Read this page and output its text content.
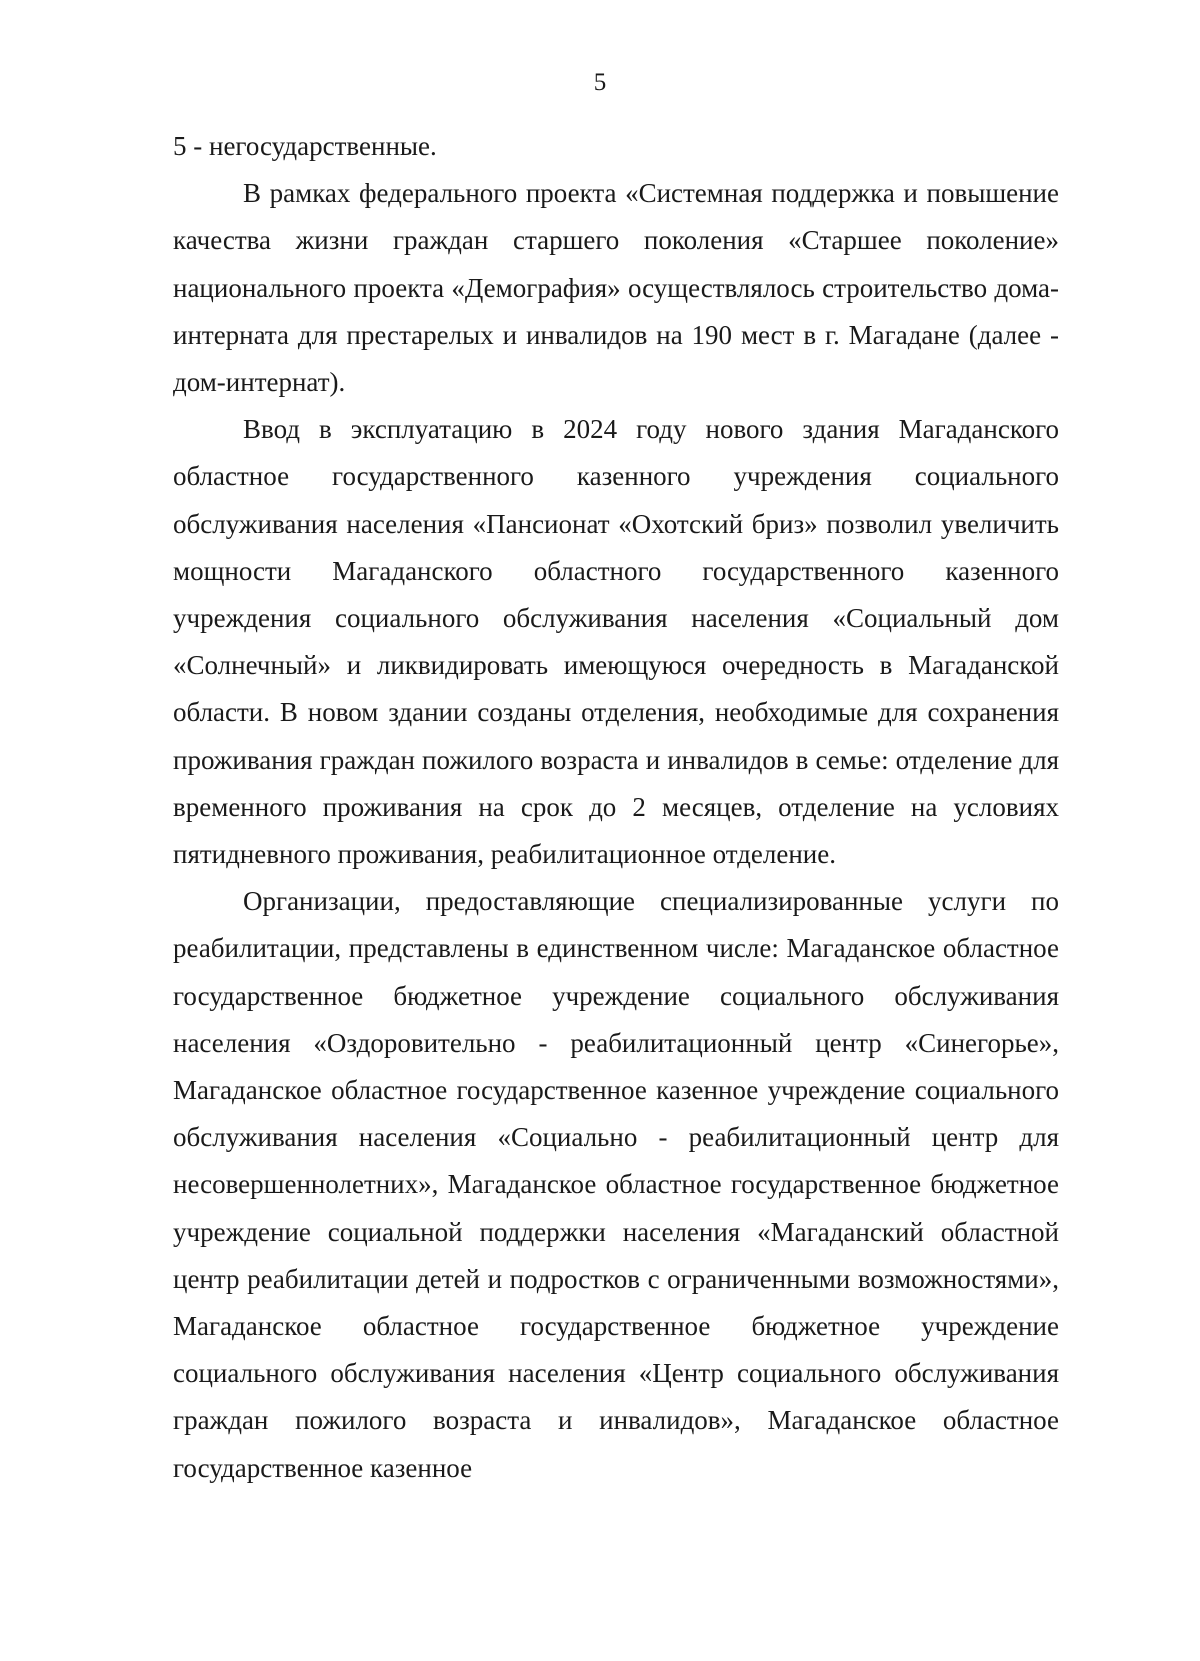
5

5 - негосударственные.

В рамках федерального проекта «Системная поддержка и повышение качества жизни граждан старшего поколения «Старшее поколение» национального проекта «Демография» осуществлялось строительство дома-интерната для престарелых и инвалидов на 190 мест в г. Магадане (далее - дом-интернат).

Ввод в эксплуатацию в 2024 году нового здания Магаданского областное государственного казенного учреждения социального обслуживания населения «Пансионат «Охотский бриз» позволил увеличить мощности Магаданского областного государственного казенного учреждения социального обслуживания населения «Социальный дом «Солнечный» и ликвидировать имеющуюся очередность в Магаданской области. В новом здании созданы отделения, необходимые для сохранения проживания граждан пожилого возраста и инвалидов в семье: отделение для временного проживания на срок до 2 месяцев, отделение на условиях пятидневного проживания, реабилитационное отделение.

Организации, предоставляющие специализированные услуги по реабилитации, представлены в единственном числе: Магаданское областное государственное бюджетное учреждение социального обслуживания населения «Оздоровительно - реабилитационный центр «Синегорье», Магаданское областное государственное казенное учреждение социального обслуживания населения «Социально - реабилитационный центр для несовершеннолетних», Магаданское областное государственное бюджетное учреждение социальной поддержки населения «Магаданский областной центр реабилитации детей и подростков с ограниченными возможностями», Магаданское областное государственное бюджетное учреждение социального обслуживания населения «Центр социального обслуживания граждан пожилого возраста и инвалидов», Магаданское областное государственное казенное
